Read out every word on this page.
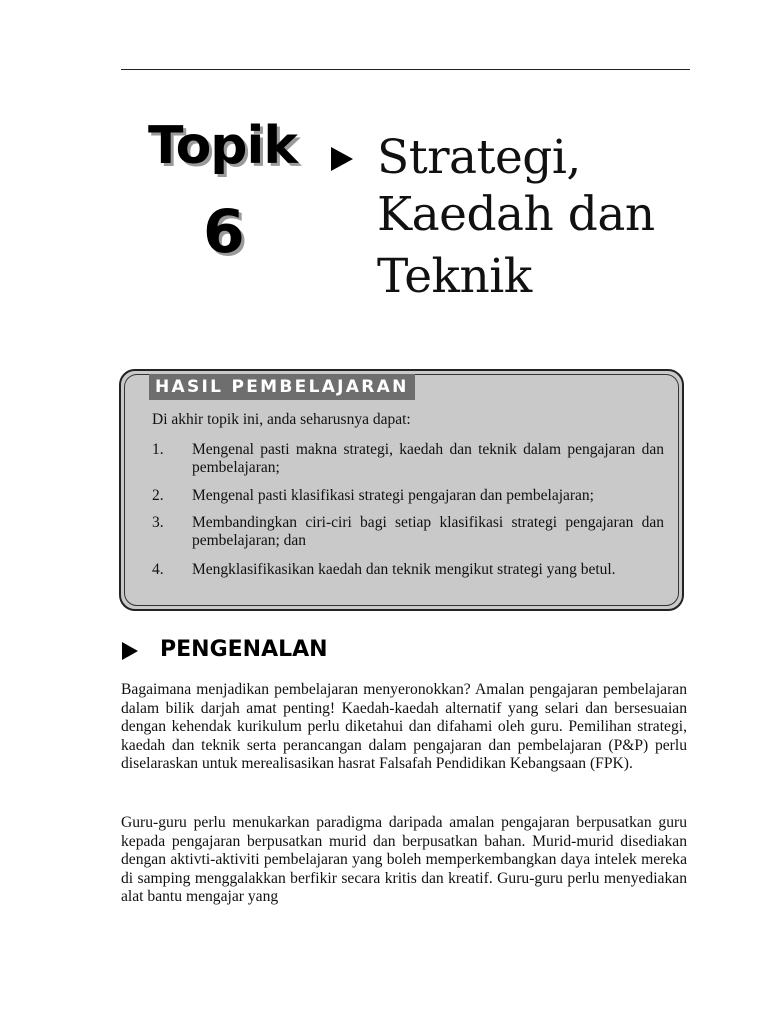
Topik
6
Strategi,
Kaedah dan
Teknik
HASIL PEMBELAJARAN
Di akhir topik ini, anda seharusnya dapat:
1. Mengenal pasti makna strategi, kaedah dan teknik dalam pengajaran dan pembelajaran;
2. Mengenal pasti klasifikasi strategi pengajaran dan pembelajaran;
3. Membandingkan ciri-ciri bagi setiap klasifikasi strategi pengajaran dan pembelajaran; dan
4. Mengklasifikasikan kaedah dan teknik mengikut strategi yang betul.
PENGENALAN

Bagaimana menjadikan pembelajaran menyeronokkan? Amalan pengajaran pembelajaran dalam bilik darjah amat penting! Kaedah-kaedah alternatif yang selari dan bersesuaian dengan kehendak kurikulum perlu diketahui dan difahami oleh guru. Pemilihan strategi, kaedah dan teknik serta perancangan dalam pengajaran dan pembelajaran (P&P) perlu diselaraskan untuk merealisasikan hasrat Falsafah Pendidikan Kebangsaan (FPK).

Guru-guru perlu menukarkan paradigma daripada amalan pengajaran berpusatkan guru kepada pengajaran berpusatkan murid dan berpusatkan bahan. Murid-murid disediakan dengan aktivti-aktiviti pembelajaran yang boleh memperkembangkan daya intelek mereka di samping menggalakkan berfikir secara kritis dan kreatif. Guru-guru perlu menyediakan alat bantu mengajar yang
